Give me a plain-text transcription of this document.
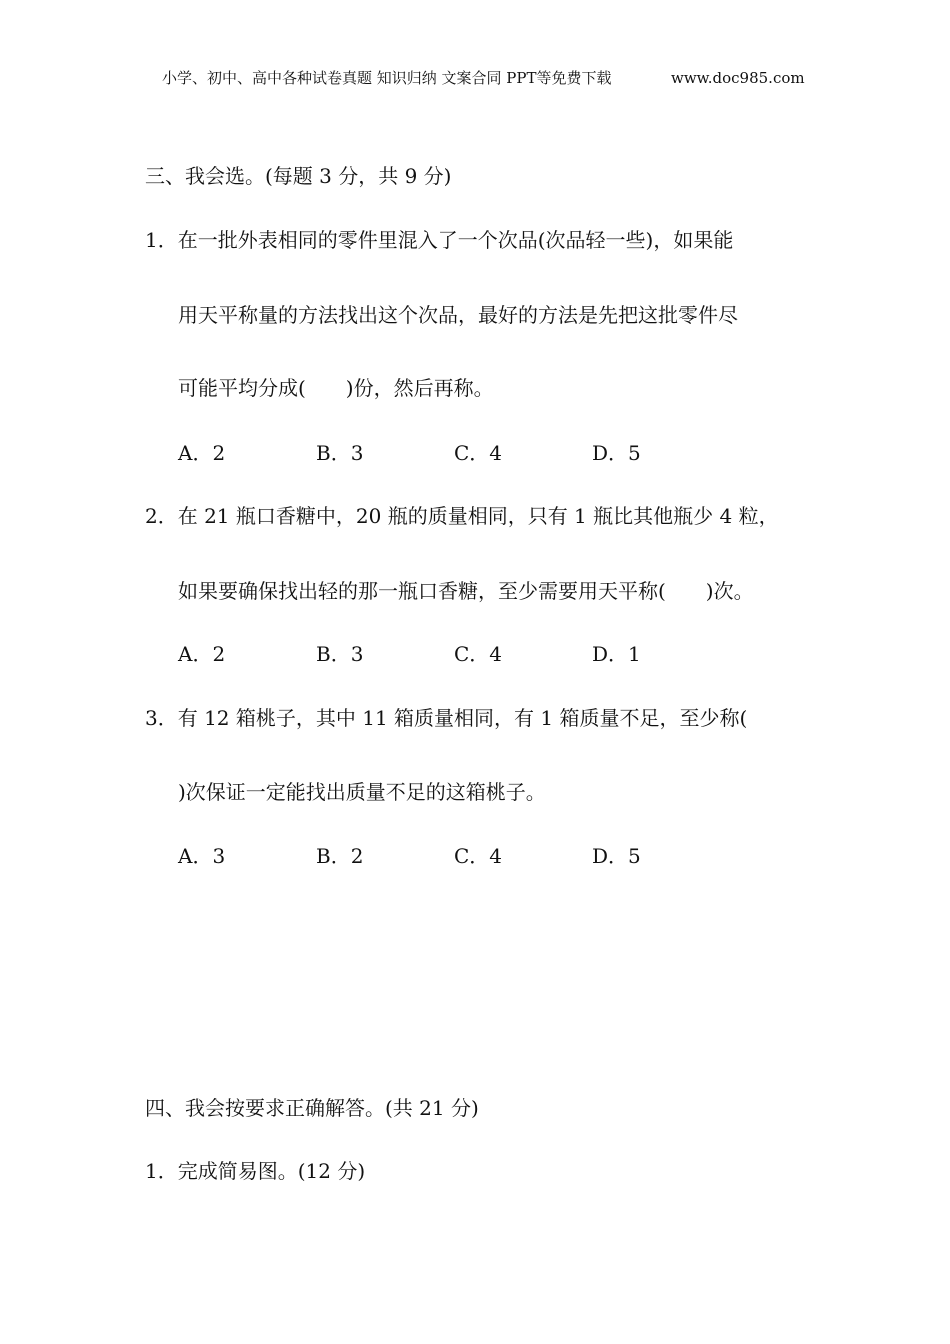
小学、初中、高中各种试卷真题 知识归纳 文案合同 PPT等免费下载	www.doc985.com
三、我会选。(每题 3 分，共 9 分)
1．在一批外表相同的零件里混入了一个次品(次品轻一些)，如果能
用天平称量的方法找出这个次品，最好的方法是先把这批零件尽
可能平均分成(　　)份，然后再称。
A．2	B．3	C．4	D．5
2．在 21 瓶口香糖中，20 瓶的质量相同，只有 1 瓶比其他瓶少 4 粒，
如果要确保找出轻的那一瓶口香糖，至少需要用天平称(　　)次。
A．2	B．3	C．4	D．1
3．有 12 箱桃子，其中 11 箱质量相同，有 1 箱质量不足，至少称(
)次保证一定能找出质量不足的这箱桃子。
A．3	B．2	C．4	D．5
四、我会按要求正确解答。(共 21 分)
1．完成简易图。(12 分)
